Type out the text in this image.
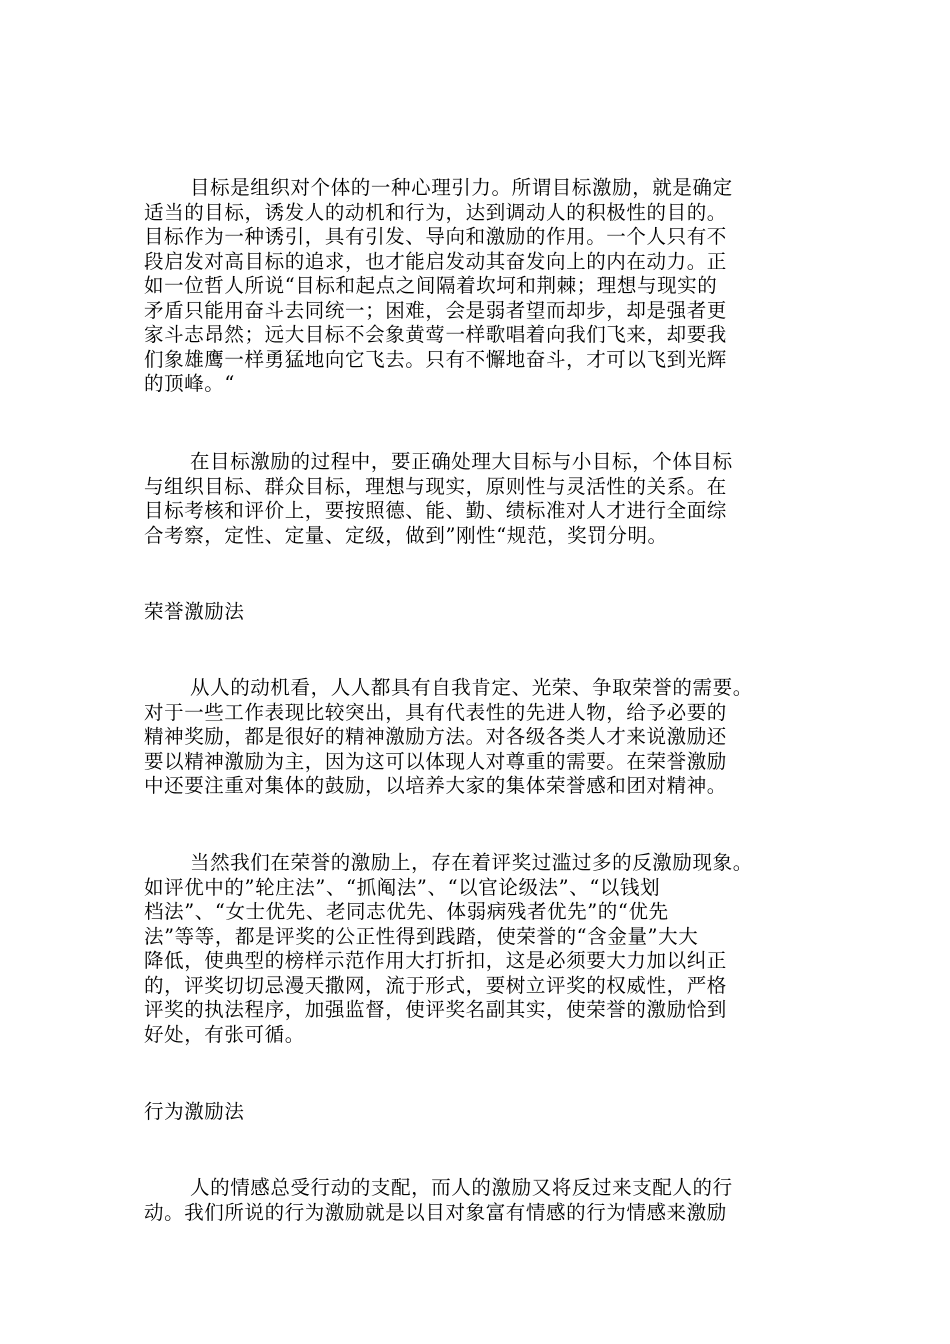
目标是组织对个体的一种心理引力。所谓目标激励，就是确定
适当的目标，诱发人的动机和行为，达到调动人的积极性的目的。
目标作为一种诱引，具有引发、导向和激励的作用。一个人只有不
段启发对高目标的追求，也才能启发动其奋发向上的内在动力。正
如一位哲人所说“目标和起点之间隔着坎坷和荆棘；理想与现实的
矛盾只能用奋斗去同统一；困难，会是弱者望而却步，却是强者更
家斗志昂然；远大目标不会象黄莺一样歌唱着向我们飞来，却要我
们象雄鹰一样勇猛地向它飞去。只有不懈地奋斗，才可以飞到光辉
的顶峰。“
在目标激励的过程中，要正确处理大目标与小目标，个体目标
与组织目标、群众目标，理想与现实，原则性与灵活性的关系。在
目标考核和评价上，要按照德、能、勤、绩标准对人才进行全面综
合考察，定性、定量、定级，做到”刚性“规范，奖罚分明。
荣誉激励法
从人的动机看，人人都具有自我肯定、光荣、争取荣誉的需要。
对于一些工作表现比较突出，具有代表性的先进人物，给予必要的
精神奖励，都是很好的精神激励方法。对各级各类人才来说激励还
要以精神激励为主，因为这可以体现人对尊重的需要。在荣誉激励
中还要注重对集体的鼓励，以培养大家的集体荣誉感和团对精神。
当然我们在荣誉的激励上，存在着评奖过滥过多的反激励现象。
如评优中的”轮庄法”、“抓阄法”、“以官论级法”、“以钱划
档法”、“女士优先、老同志优先、体弱病残者优先”的“优先
法”等等，都是评奖的公正性得到践踏，使荣誉的“含金量”大大
降低，使典型的榜样示范作用大打折扣，这是必须要大力加以纠正
的，评奖切切忌漫天撒网，流于形式，要树立评奖的权威性，严格
评奖的执法程序，加强监督，使评奖名副其实，使荣誉的激励恰到
好处，有张可循。
行为激励法
人的情感总受行动的支配，而人的激励又将反过来支配人的行
动。我们所说的行为激励就是以目对象富有情感的行为情感来激励
